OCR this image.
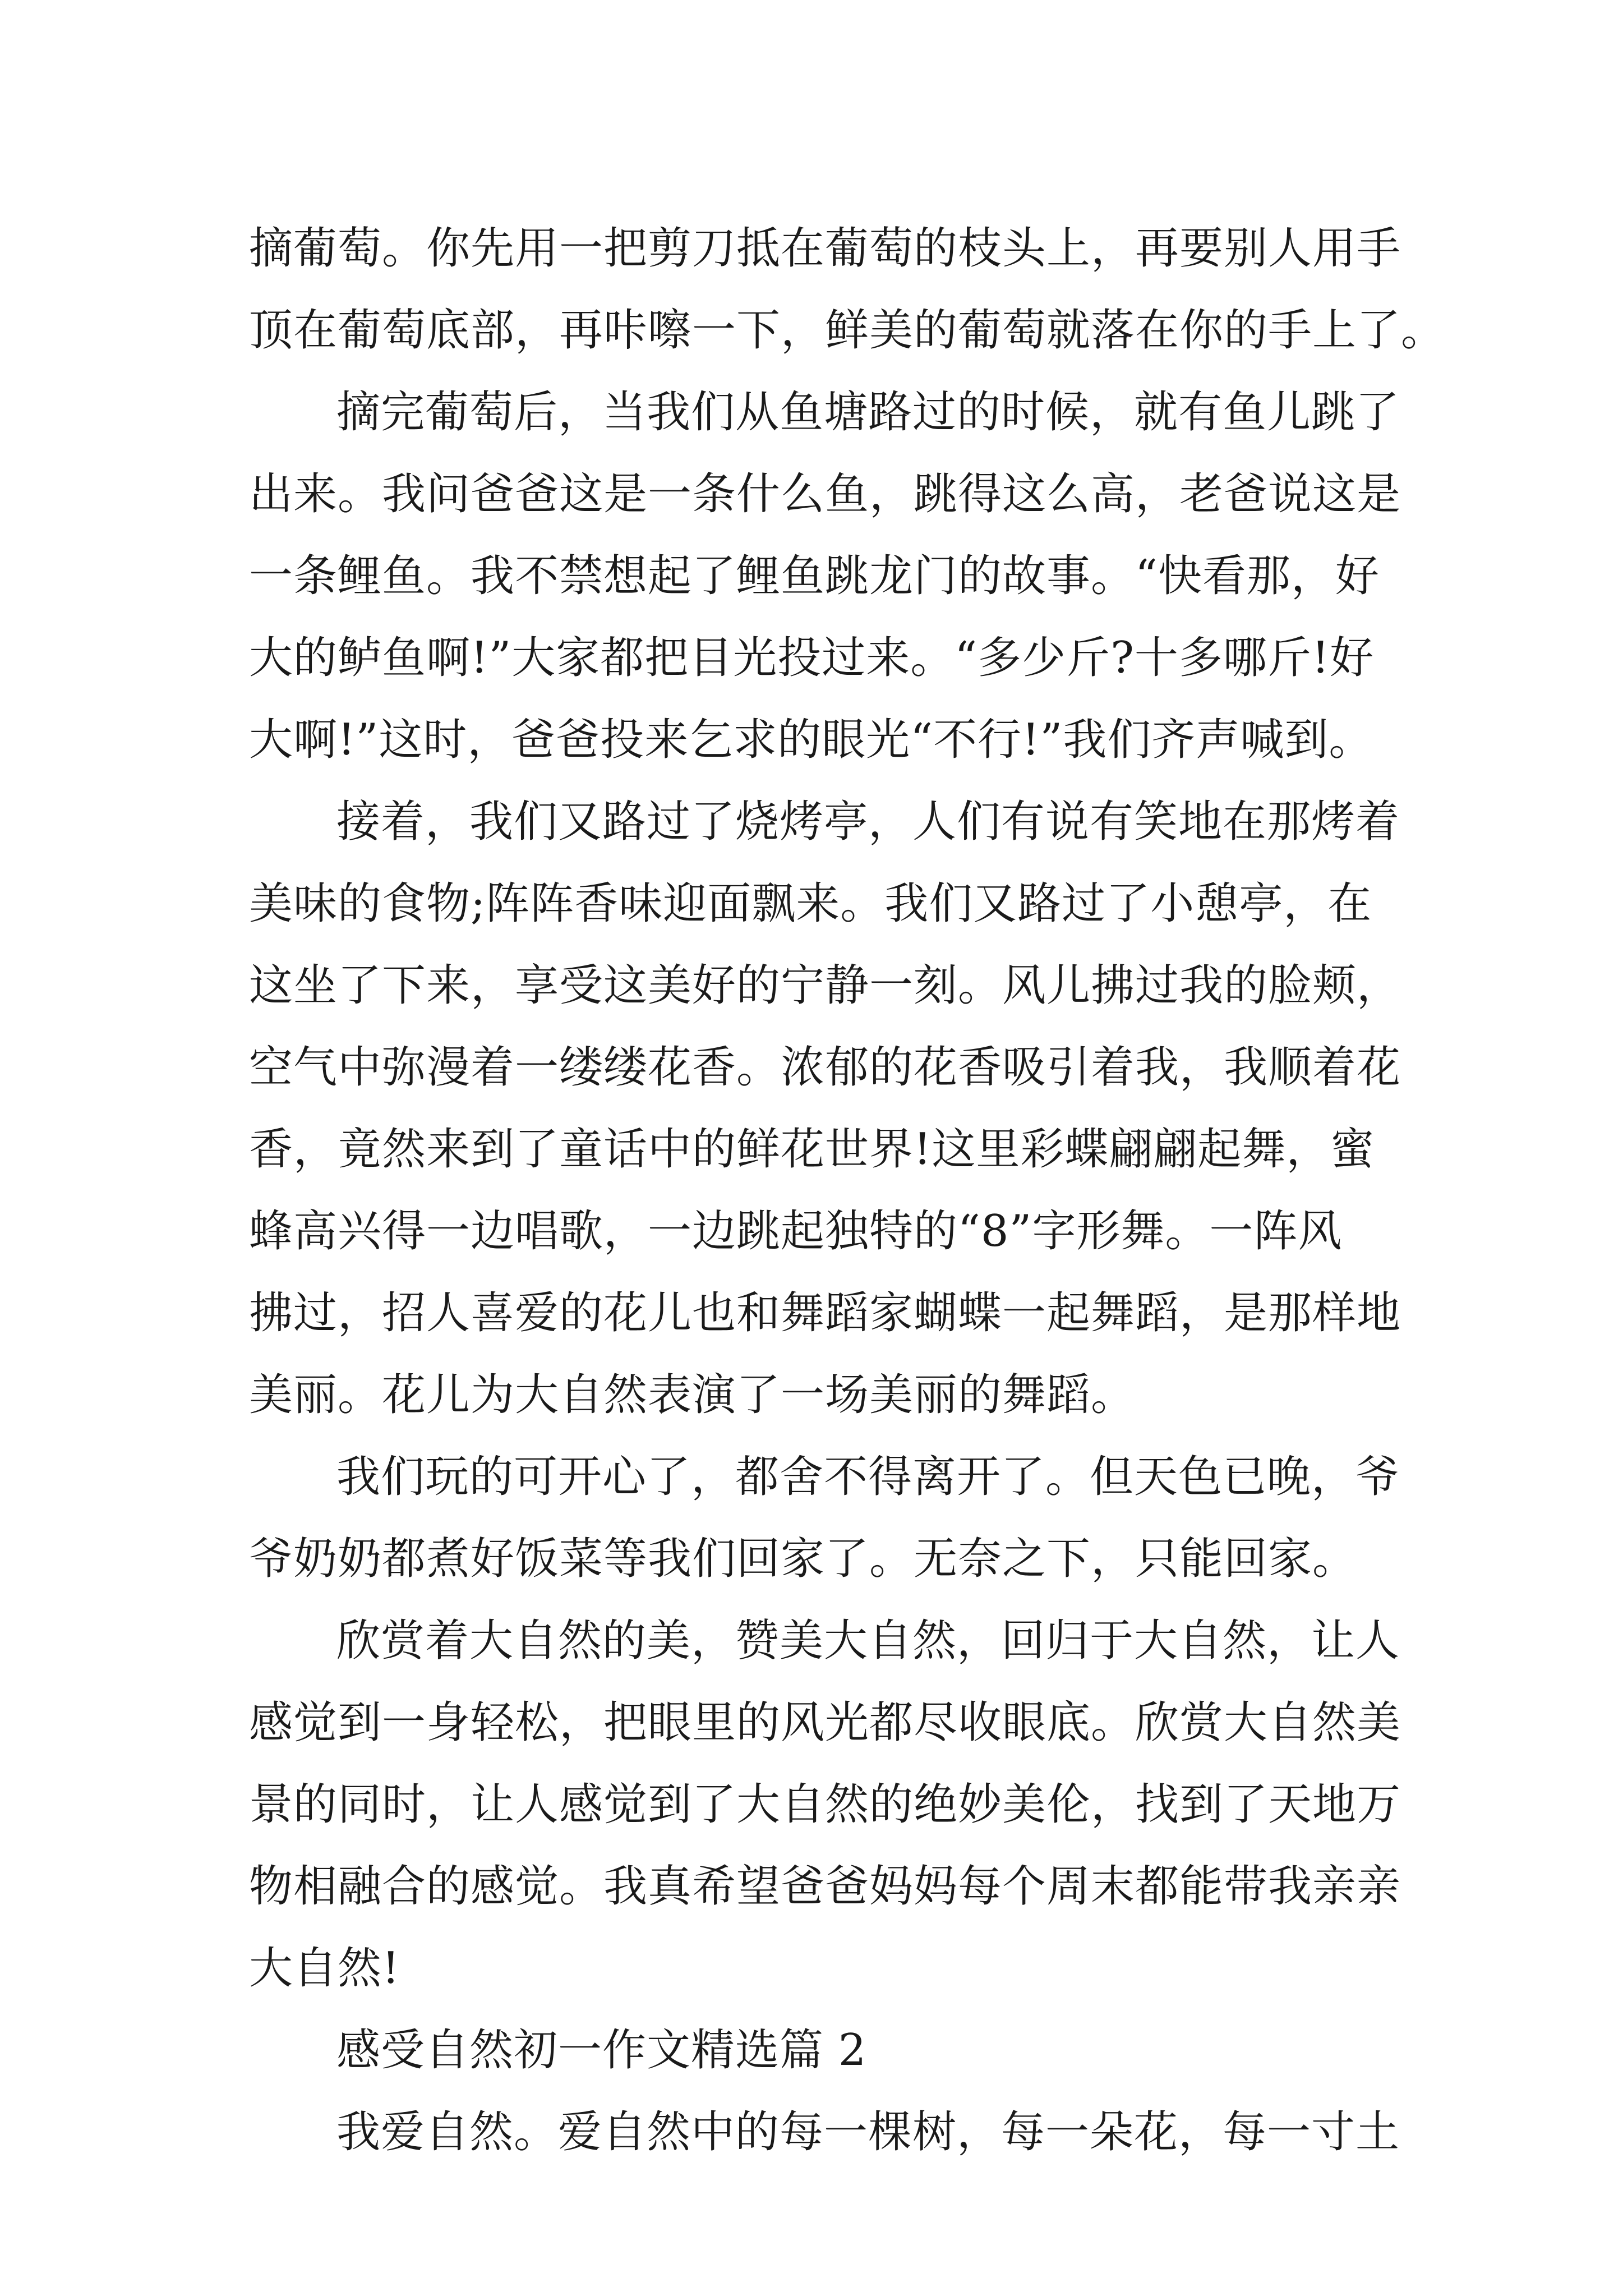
摘葡萄。你先用一把剪刀抵在葡萄的枝头上，再要别人用手
顶在葡萄底部，再咔嚓一下，鲜美的葡萄就落在你的手上了。
摘完葡萄后，当我们从鱼塘路过的时候，就有鱼儿跳了
出来。我问爸爸这是一条什么鱼，跳得这么高，老爸说这是
一条鲤鱼。我不禁想起了鲤鱼跳龙门的故事。“快看那，好
大的鲈鱼啊!”大家都把目光投过来。“多少斤?十多哪斤!好
大啊!”这时，爸爸投来乞求的眼光“不行!”我们齐声喊到。
接着，我们又路过了烧烤亭，人们有说有笑地在那烤着
美味的食物;阵阵香味迎面飘来。我们又路过了小憩亭，在
这坐了下来，享受这美好的宁静一刻。风儿拂过我的脸颊，
空气中弥漫着一缕缕花香。浓郁的花香吸引着我，我顺着花
香，竟然来到了童话中的鲜花世界!这里彩蝶翩翩起舞，蜜
蜂高兴得一边唱歌，一边跳起独特的“8”字形舞。一阵风
拂过，招人喜爱的花儿也和舞蹈家蝴蝶一起舞蹈，是那样地
美丽。花儿为大自然表演了一场美丽的舞蹈。
我们玩的可开心了，都舍不得离开了。但天色已晚，爷
爷奶奶都煮好饭菜等我们回家了。无奈之下，只能回家。
欣赏着大自然的美，赞美大自然，回归于大自然，让人
感觉到一身轻松，把眼里的风光都尽收眼底。欣赏大自然美
景的同时，让人感觉到了大自然的绝妙美伦，找到了天地万
物相融合的感觉。我真希望爸爸妈妈每个周末都能带我亲亲
大自然!
感受自然初一作文精选篇 2
我爱自然。爱自然中的每一棵树，每一朵花，每一寸土
